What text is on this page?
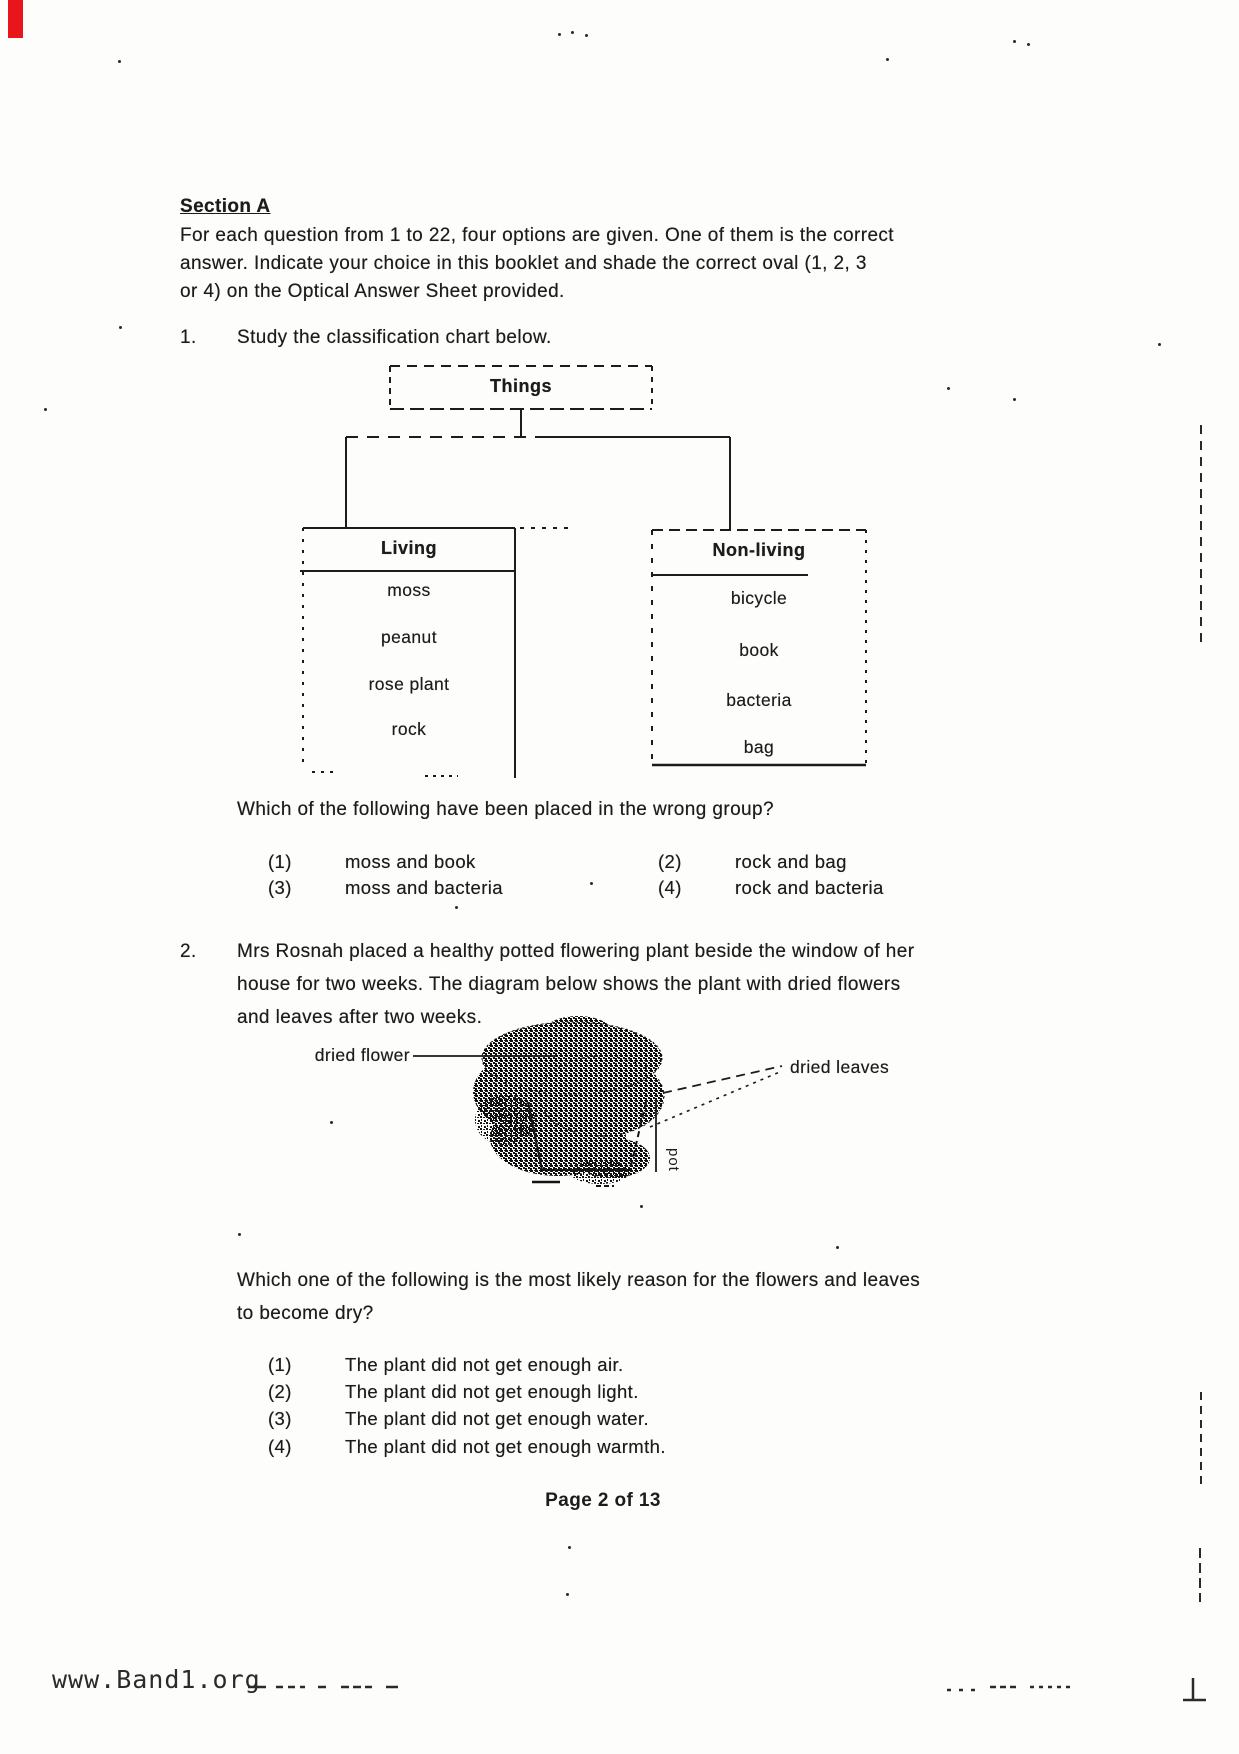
Section A
For each question from 1 to 22, four options are given. One of them is the correct
answer. Indicate your choice in this booklet and shade the correct oval (1, 2, 3
or 4) on the Optical Answer Sheet provided.
1. Study the classification chart below.
Things
Living
moss
peanut
rose plant
rock
Non-living
bicycle
book
bacteria
bag
Which of the following have been placed in the wrong group?
(1)	moss and book	(2)	rock and bag
(3)	moss and bacteria	(4)	rock and bacteria
2. Mrs Rosnah placed a healthy potted flowering plant beside the window of her
house for two weeks. The diagram below shows the plant with dried flowers
and leaves after two weeks.
dried flower
dried leaves
pot
Which one of the following is the most likely reason for the flowers and leaves
to become dry?
(1)	The plant did not get enough air.
(2)	The plant did not get enough light.
(3)	The plant did not get enough water.
(4)	The plant did not get enough warmth.
Page 2 of 13
www.Band1.org
